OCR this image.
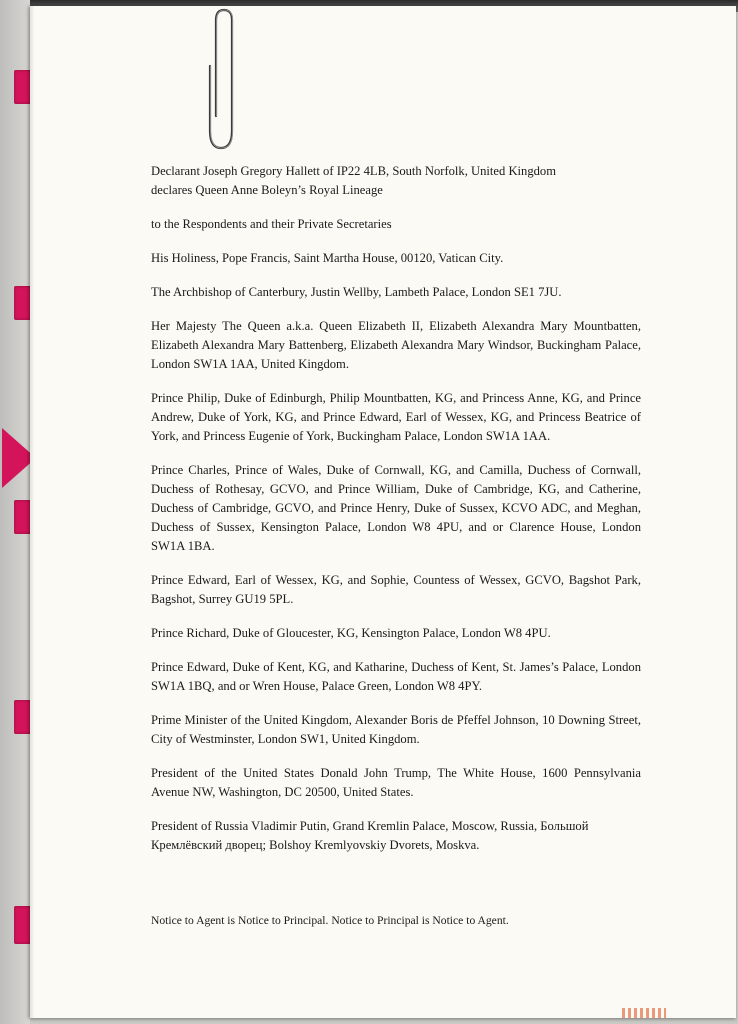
Declarant Joseph Gregory Hallett of IP22 4LB, South Norfolk, United Kingdom

declares Queen Anne Boleyn’s Royal Lineage

to the Respondents and their Private Secretaries

His Holiness, Pope Francis, Saint Martha House, 00120, Vatican City.

The Archbishop of Canterbury, Justin Wellby, Lambeth Palace, London SE1 7JU.

Her Majesty The Queen a.k.a. Queen Elizabeth II, Elizabeth Alexandra Mary Mountbatten, Elizabeth Alexandra Mary Battenberg, Elizabeth Alexandra Mary Windsor, Buckingham Palace, London SW1A 1AA, United Kingdom.

Prince Philip, Duke of Edinburgh, Philip Mountbatten, KG, and Princess Anne, KG, and Prince Andrew, Duke of York, KG, and Prince Edward, Earl of Wessex, KG, and Princess Beatrice of York, and Princess Eugenie of York, Buckingham Palace, London SW1A 1AA.

Prince Charles, Prince of Wales, Duke of Cornwall, KG, and Camilla, Duchess of Cornwall, Duchess of Rothesay, GCVO, and Prince William, Duke of Cambridge, KG, and Catherine, Duchess of Cambridge, GCVO, and Prince Henry, Duke of Sussex, KCVO ADC, and Meghan, Duchess of Sussex, Kensington Palace, London W8 4PU, and or Clarence House, London SW1A 1BA.

Prince Edward, Earl of Wessex, KG, and Sophie, Countess of Wessex, GCVO, Bagshot Park, Bagshot, Surrey GU19 5PL.

Prince Richard, Duke of Gloucester, KG, Kensington Palace, London W8 4PU.

Prince Edward, Duke of Kent, KG, and Katharine, Duchess of Kent, St. James’s Palace, London SW1A 1BQ, and or Wren House, Palace Green, London W8 4PY.

Prime Minister of the United Kingdom, Alexander Boris de Pfeffel Johnson, 10 Downing Street, City of Westminster, London SW1, United Kingdom.

President of the United States Donald John Trump, The White House, 1600 Pennsylvania Avenue NW, Washington, DC 20500, United States.

President of Russia Vladimir Putin, Grand Kremlin Palace, Moscow, Russia, Большой Кремлёвский дворец; Bolshoy Kremlyovskiy Dvorets, Moskva.

Notice to Agent is Notice to Principal. Notice to Principal is Notice to Agent.
